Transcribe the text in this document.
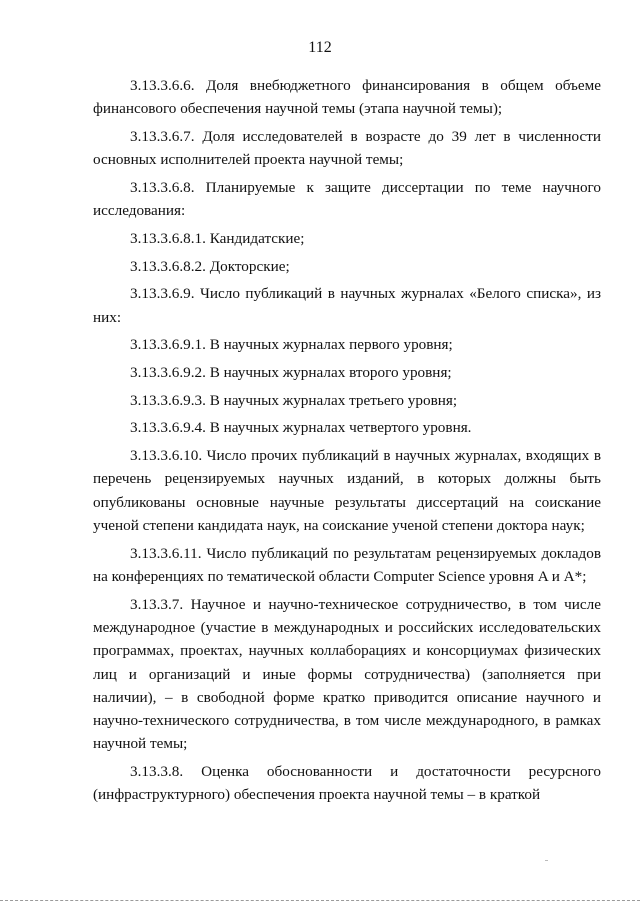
112

3.13.3.6.6. Доля внебюджетного финансирования в общем объеме финансового обеспечения научной темы (этапа научной темы);

3.13.3.6.7. Доля исследователей в возрасте до 39 лет в численности основных исполнителей проекта научной темы;

3.13.3.6.8. Планируемые к защите диссертации по теме научного исследования:

3.13.3.6.8.1. Кандидатские;

3.13.3.6.8.2. Докторские;

3.13.3.6.9. Число публикаций в научных журналах «Белого списка», из них:

3.13.3.6.9.1. В научных журналах первого уровня;

3.13.3.6.9.2. В научных журналах второго уровня;

3.13.3.6.9.3. В научных журналах третьего уровня;

3.13.3.6.9.4. В научных журналах четвертого уровня.

3.13.3.6.10. Число прочих публикаций в научных журналах, входящих в перечень рецензируемых научных изданий, в которых должны быть опубликованы основные научные результаты диссертаций на соискание ученой степени кандидата наук, на соискание ученой степени доктора наук;

3.13.3.6.11. Число публикаций по результатам рецензируемых докладов на конференциях по тематической области Computer Science уровня A и A*;

3.13.3.7. Научное и научно-техническое сотрудничество, в том числе международное (участие в международных и российских исследовательских программах, проектах, научных коллаборациях и консорциумах физических лиц и организаций и иные формы сотрудничества) (заполняется при наличии), – в свободной форме кратко приводится описание научного и научно-технического сотрудничества, в том числе международного, в рамках научной темы;

3.13.3.8. Оценка обоснованности и достаточности ресурсного (инфраструктурного) обеспечения проекта научной темы – в краткой
